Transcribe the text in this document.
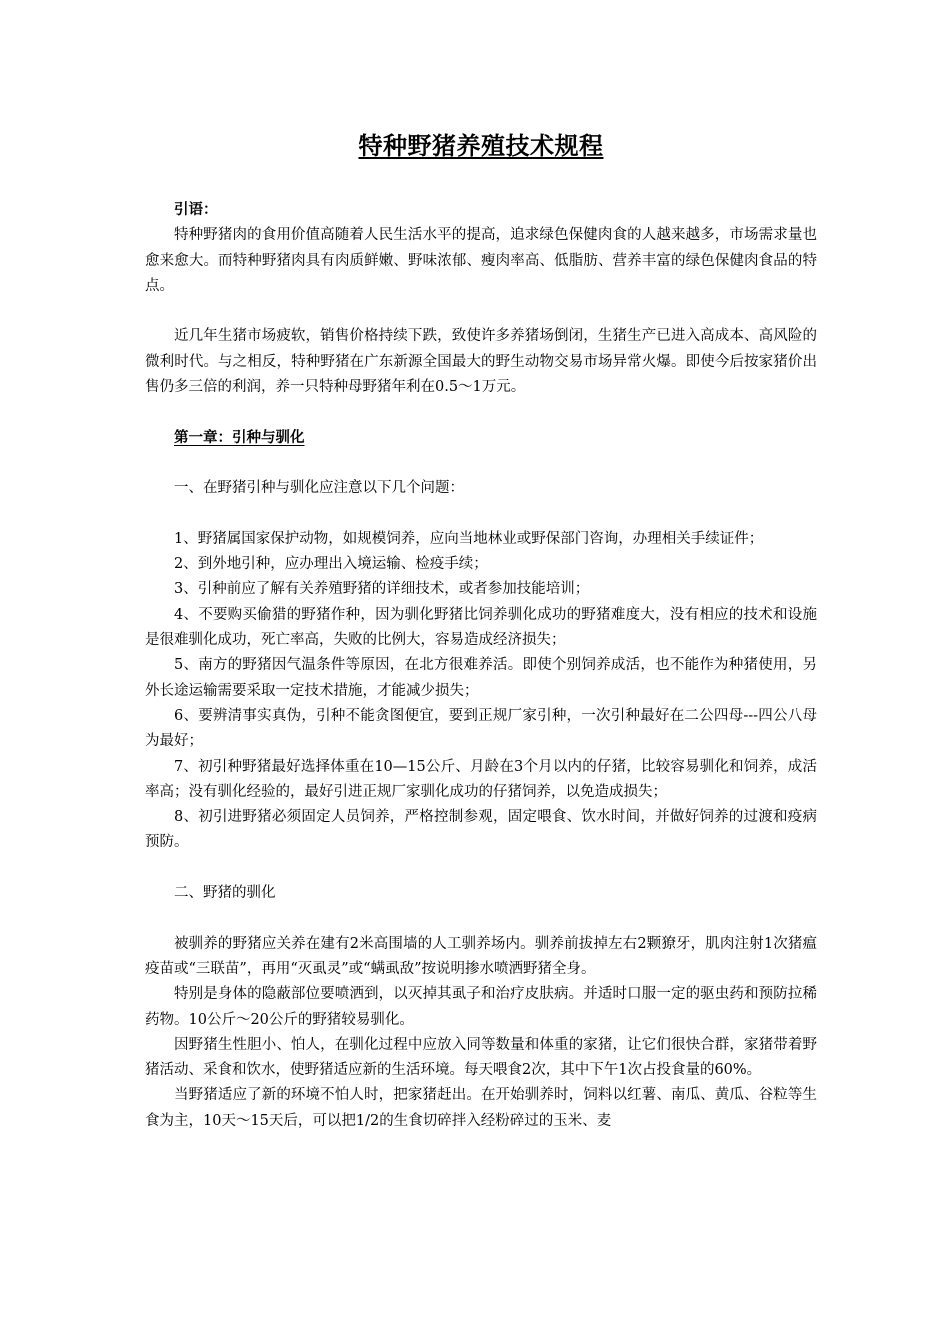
特种野猪养殖技术规程

引语：

特种野猪肉的食用价值高随着人民生活水平的提高，追求绿色保健肉食的人越来越多，市场需求量也愈来愈大。而特种野猪肉具有肉质鲜嫩、野味浓郁、瘦肉率高、低脂肪、营养丰富的绿色保健肉食品的特点。

近几年生猪市场疲软，销售价格持续下跌，致使许多养猪场倒闭，生猪生产已进入高成本、高风险的微利时代。与之相反，特种野猪在广东新源全国最大的野生动物交易市场异常火爆。即使今后按家猪价出售仍多三倍的利润，养一只特种母野猪年利在0.5～1万元。

第一章：引种与驯化

一、在野猪引种与驯化应注意以下几个问题：

1、野猪属国家保护动物，如规模饲养，应向当地林业或野保部门咨询，办理相关手续证件；

2、到外地引种，应办理出入境运输、检疫手续；

3、引种前应了解有关养殖野猪的详细技术，或者参加技能培训；

4、不要购买偷猎的野猪作种，因为驯化野猪比饲养驯化成功的野猪难度大，没有相应的技术和设施是很难驯化成功，死亡率高，失败的比例大，容易造成经济损失；

5、南方的野猪因气温条件等原因，在北方很难养活。即使个别饲养成活，也不能作为种猪使用，另外长途运输需要采取一定技术措施，才能减少损失；

6、要辨清事实真伪，引种不能贪图便宜，要到正规厂家引种，一次引种最好在二公四母---四公八母为最好；

7、初引种野猪最好选择体重在10—15公斤、月龄在3个月以内的仔猪，比较容易驯化和饲养，成活率高；没有驯化经验的，最好引进正规厂家驯化成功的仔猪饲养，以免造成损失；

8、初引进野猪必须固定人员饲养，严格控制参观，固定喂食、饮水时间，并做好饲养的过渡和疫病预防。

二、野猪的驯化

被驯养的野猪应关养在建有2米高围墙的人工驯养场内。驯养前拔掉左右2颗獠牙，肌肉注射1次猪瘟疫苗或“三联苗”，再用“灭虱灵”或“螨虱敌”按说明掺水喷洒野猪全身。

特别是身体的隐蔽部位要喷洒到，以灭掉其虱子和治疗皮肤病。并适时口服一定的驱虫药和预防拉稀药物。10公斤～20公斤的野猪较易驯化。

因野猪生性胆小、怕人，在驯化过程中应放入同等数量和体重的家猪，让它们很快合群，家猪带着野猪活动、采食和饮水，使野猪适应新的生活环境。每天喂食2次，其中下午1次占投食量的60%。

当野猪适应了新的环境不怕人时，把家猪赶出。在开始驯养时，饲料以红薯、南瓜、黄瓜、谷粒等生食为主，10天～15天后，可以把1/2的生食切碎拌入经粉碎过的玉米、麦
